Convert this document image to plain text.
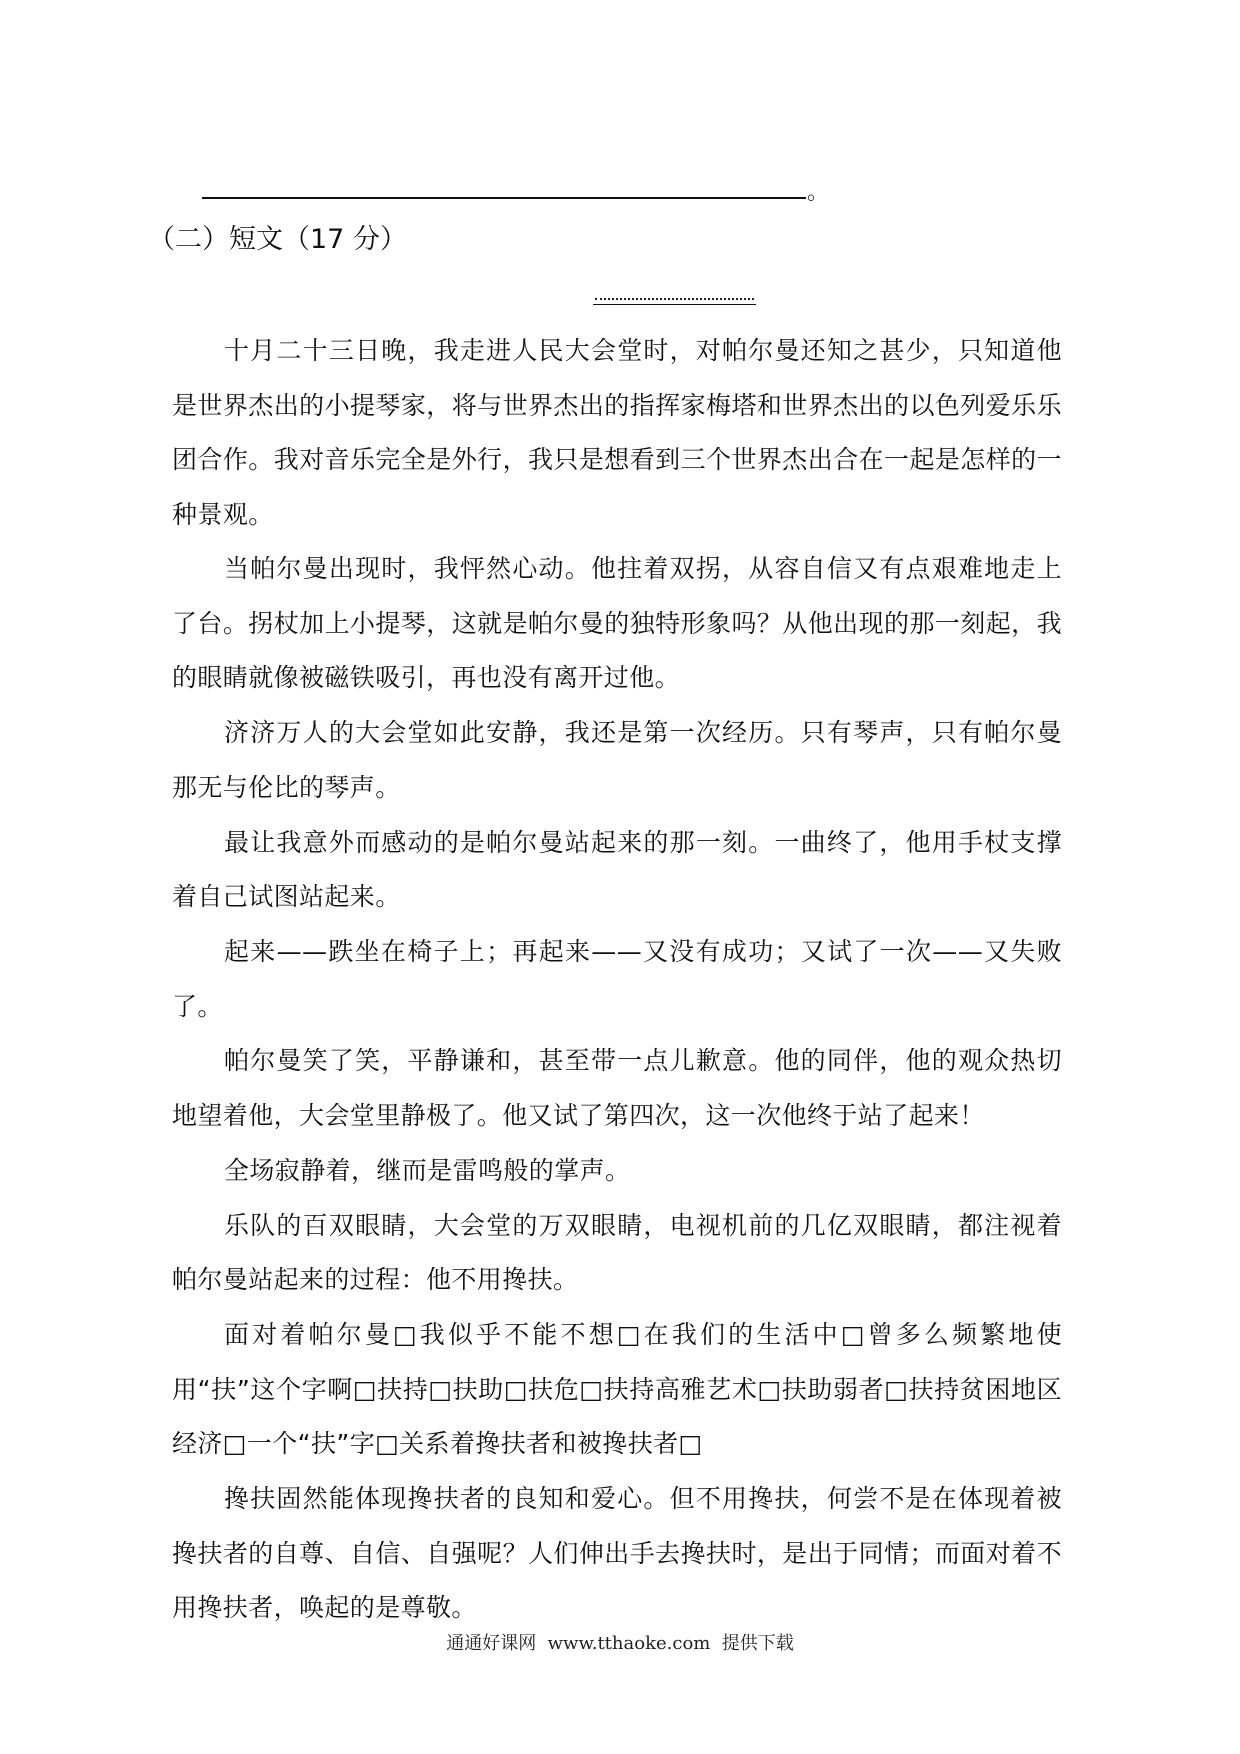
。
（二）短文（17 分）

十月二十三日晚，我走进人民大会堂时，对帕尔曼还知之甚少，只知道他是世界杰出的小提琴家，将与世界杰出的指挥家梅塔和世界杰出的以色列爱乐乐团合作。我对音乐完全是外行，我只是想看到三个世界杰出合在一起是怎样的一种景观。

当帕尔曼出现时，我怦然心动。他拄着双拐，从容自信又有点艰难地走上了台。拐杖加上小提琴，这就是帕尔曼的独特形象吗？从他出现的那一刻起，我的眼睛就像被磁铁吸引，再也没有离开过他。

济济万人的大会堂如此安静，我还是第一次经历。只有琴声，只有帕尔曼那无与伦比的琴声。

最让我意外而感动的是帕尔曼站起来的那一刻。一曲终了，他用手杖支撑着自己试图站起来。

起来——跌坐在椅子上；再起来——又没有成功；又试了一次——又失败了。

帕尔曼笑了笑，平静谦和，甚至带一点儿歉意。他的同伴，他的观众热切地望着他，大会堂里静极了。他又试了第四次，这一次他终于站了起来！

全场寂静着，继而是雷鸣般的掌声。

乐队的百双眼睛，大会堂的万双眼睛，电视机前的几亿双眼睛，都注视着帕尔曼站起来的过程：他不用搀扶。

面对着帕尔曼□我似乎不能不想□在我们的生活中□曾多么频繁地使用“扶”这个字啊□扶持□扶助□扶危□扶持高雅艺术□扶助弱者□扶持贫困地区经济□一个“扶”字□关系着搀扶者和被搀扶者□

搀扶固然能体现搀扶者的良知和爱心。但不用搀扶，何尝不是在体现着被搀扶者的自尊、自信、自强呢？人们伸出手去搀扶时，是出于同情；而面对着不用搀扶者，唤起的是尊敬。

通通好课网  www.tthaoke.com  提供下载
